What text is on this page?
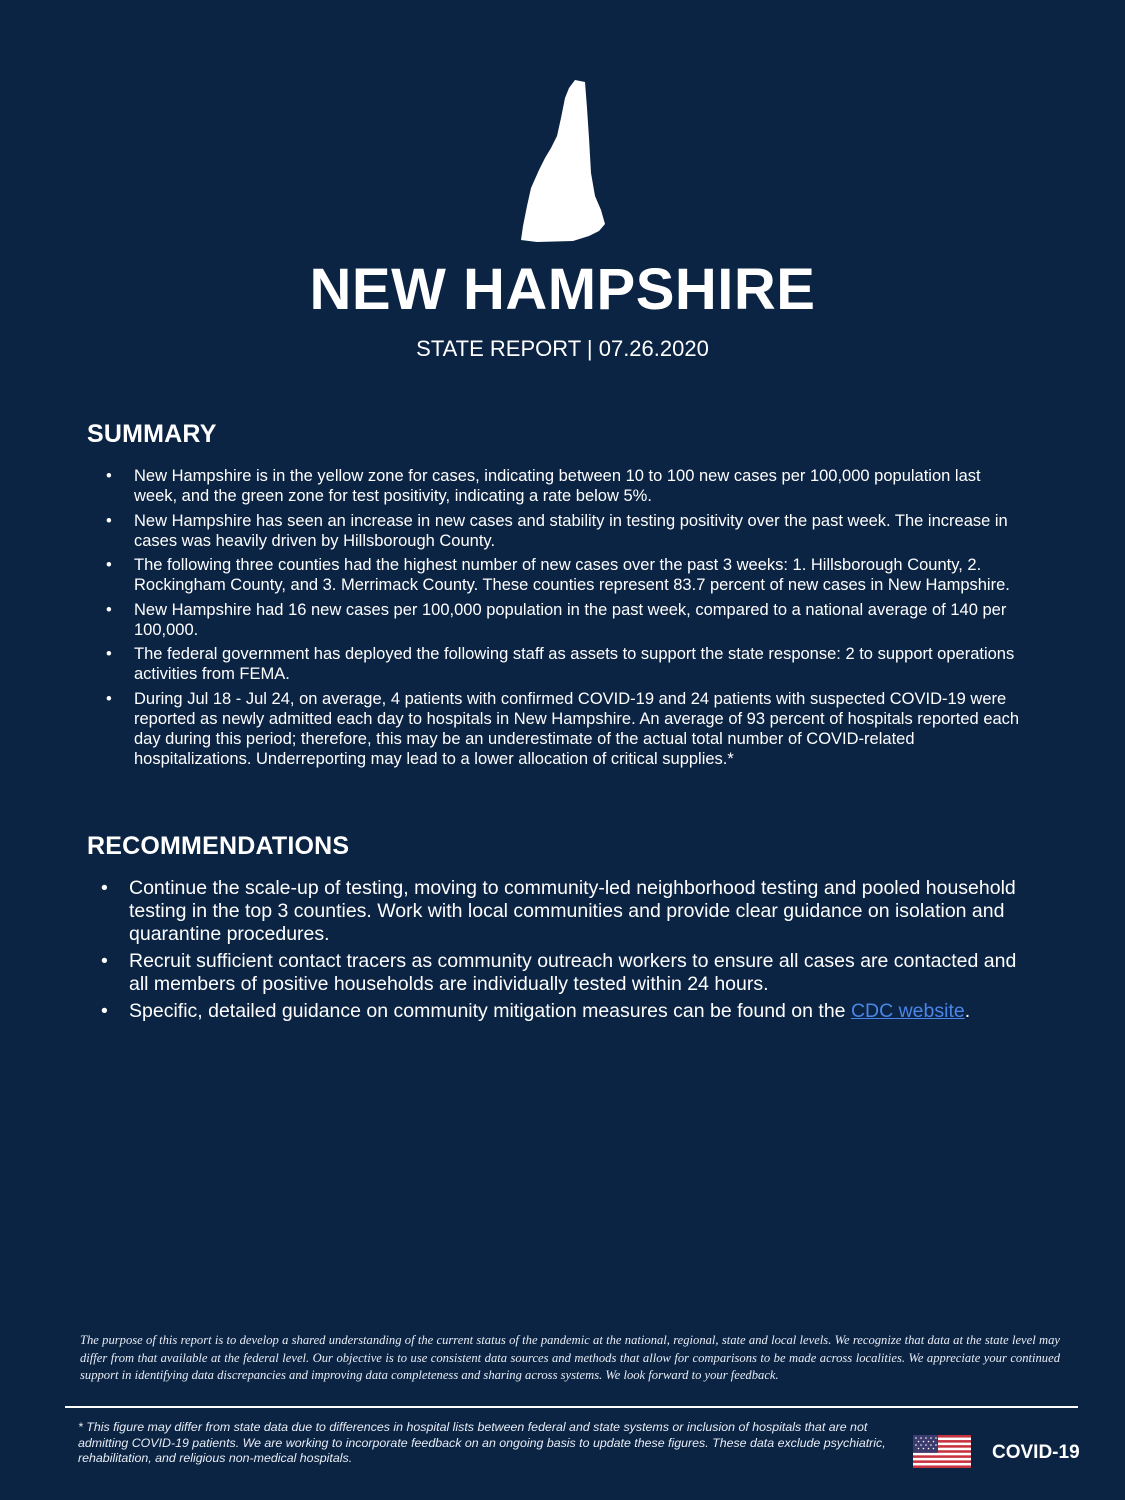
NEW HAMPSHIRE
STATE REPORT | 07.26.2020
SUMMARY
• New Hampshire is in the yellow zone for cases, indicating between 10 to 100 new cases per 100,000 population last week, and the green zone for test positivity, indicating a rate below 5%.
• New Hampshire has seen an increase in new cases and stability in testing positivity over the past week. The increase in cases was heavily driven by Hillsborough County.
• The following three counties had the highest number of new cases over the past 3 weeks: 1. Hillsborough County, 2. Rockingham County, and 3. Merrimack County. These counties represent 83.7 percent of new cases in New Hampshire.
• New Hampshire had 16 new cases per 100,000 population in the past week, compared to a national average of 140 per 100,000.
• The federal government has deployed the following staff as assets to support the state response: 2 to support operations activities from FEMA.
• During Jul 18 - Jul 24, on average, 4 patients with confirmed COVID-19 and 24 patients with suspected COVID-19 were reported as newly admitted each day to hospitals in New Hampshire. An average of 93 percent of hospitals reported each day during this period; therefore, this may be an underestimate of the actual total number of COVID-related hospitalizations. Underreporting may lead to a lower allocation of critical supplies.*
RECOMMENDATIONS
• Continue the scale-up of testing, moving to community-led neighborhood testing and pooled household testing in the top 3 counties. Work with local communities and provide clear guidance on isolation and quarantine procedures.
• Recruit sufficient contact tracers as community outreach workers to ensure all cases are contacted and all members of positive households are individually tested within 24 hours.
• Specific, detailed guidance on community mitigation measures can be found on the CDC website.
The purpose of this report is to develop a shared understanding of the current status of the pandemic at the national, regional, state and local levels. We recognize that data at the state level may differ from that available at the federal level. Our objective is to use consistent data sources and methods that allow for comparisons to be made across localities. We appreciate your continued support in identifying data discrepancies and improving data completeness and sharing across systems. We look forward to your feedback.
* This figure may differ from state data due to differences in hospital lists between federal and state systems or inclusion of hospitals that are not admitting COVID-19 patients. We are working to incorporate feedback on an ongoing basis to update these figures. These data exclude psychiatric, rehabilitation, and religious non-medical hospitals.	COVID-19
